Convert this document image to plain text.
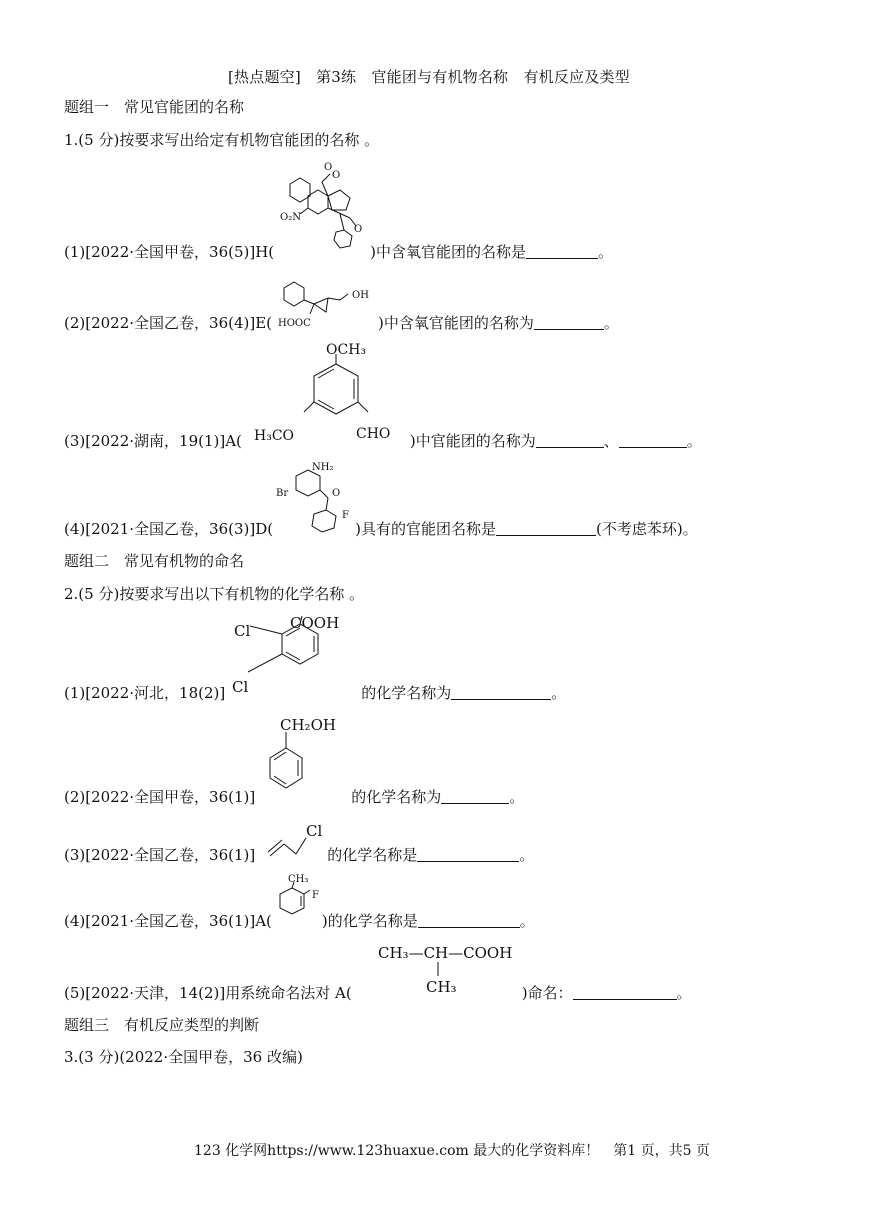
[热点题空]　第3练　官能团与有机物名称　有机反应及类型
题组一　常见官能团的名称
1.(5 分)按要求写出给定有机物官能团的名称 。
O
O
O
O₂N
(1)[2022·全国甲卷，36(5)]H(	)中含氧官能团的名称是	。
OH
HOOC
(2)[2022·全国乙卷，36(4)]E(	)中含氧官能团的名称为	。
OCH₃
H₃CO	CHO
(3)[2022·湖南，19(1)]A(	)中官能团的名称为	、	。
NH₂
Br	O
F
(4)[2021·全国乙卷，36(3)]D(	)具有的官能团名称是	(不考虑苯环)。
题组二　常见有机物的命名
2.(5 分)按要求写出以下有机物的化学名称 。
COOH
Cl
Cl
(1)[2022·河北，18(2)]	的化学名称为	。
CH₂OH
(2)[2022·全国甲卷，36(1)]	的化学名称为	。
Cl
(3)[2022·全国乙卷，36(1)]	的化学名称是	。
CH₃
F
(4)[2021·全国乙卷，36(1)]A(	)的化学名称是	。
CH₃—CH—COOH
CH₃
(5)[2022·天津，14(2)]用系统命名法对 A(	)命名：	。
题组三　有机反应类型的判断
3.(3 分)(2022·全国甲卷，36 改编)
123 化学网https://www.123huaxue.com 最大的化学资料库！　第1 页，共5 页
